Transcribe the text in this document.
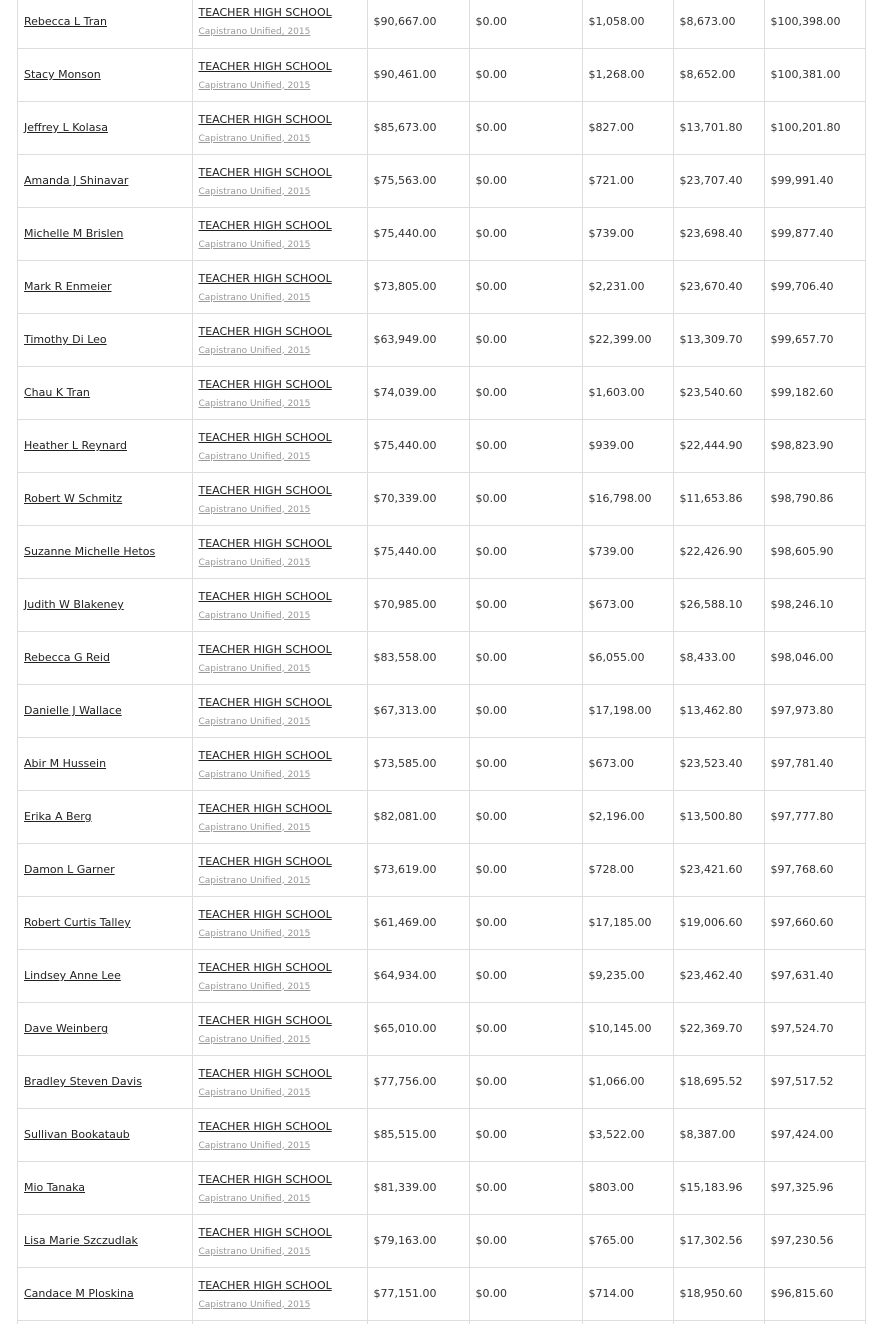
Rebecca L Tran	TEACHER HIGH SCHOOL
Capistrano Unified, 2015	$90,667.00	$0.00	$1,058.00	$8,673.00	$100,398.00
Stacy Monson	TEACHER HIGH SCHOOL
Capistrano Unified, 2015	$90,461.00	$0.00	$1,268.00	$8,652.00	$100,381.00
Jeffrey L Kolasa	TEACHER HIGH SCHOOL
Capistrano Unified, 2015	$85,673.00	$0.00	$827.00	$13,701.80	$100,201.80
Amanda J Shinavar	TEACHER HIGH SCHOOL
Capistrano Unified, 2015	$75,563.00	$0.00	$721.00	$23,707.40	$99,991.40
Michelle M Brislen	TEACHER HIGH SCHOOL
Capistrano Unified, 2015	$75,440.00	$0.00	$739.00	$23,698.40	$99,877.40
Mark R Enmeier	TEACHER HIGH SCHOOL
Capistrano Unified, 2015	$73,805.00	$0.00	$2,231.00	$23,670.40	$99,706.40
Timothy Di Leo	TEACHER HIGH SCHOOL
Capistrano Unified, 2015	$63,949.00	$0.00	$22,399.00	$13,309.70	$99,657.70
Chau K Tran	TEACHER HIGH SCHOOL
Capistrano Unified, 2015	$74,039.00	$0.00	$1,603.00	$23,540.60	$99,182.60
Heather L Reynard	TEACHER HIGH SCHOOL
Capistrano Unified, 2015	$75,440.00	$0.00	$939.00	$22,444.90	$98,823.90
Robert W Schmitz	TEACHER HIGH SCHOOL
Capistrano Unified, 2015	$70,339.00	$0.00	$16,798.00	$11,653.86	$98,790.86
Suzanne Michelle Hetos	TEACHER HIGH SCHOOL
Capistrano Unified, 2015	$75,440.00	$0.00	$739.00	$22,426.90	$98,605.90
Judith W Blakeney	TEACHER HIGH SCHOOL
Capistrano Unified, 2015	$70,985.00	$0.00	$673.00	$26,588.10	$98,246.10
Rebecca G Reid	TEACHER HIGH SCHOOL
Capistrano Unified, 2015	$83,558.00	$0.00	$6,055.00	$8,433.00	$98,046.00
Danielle J Wallace	TEACHER HIGH SCHOOL
Capistrano Unified, 2015	$67,313.00	$0.00	$17,198.00	$13,462.80	$97,973.80
Abir M Hussein	TEACHER HIGH SCHOOL
Capistrano Unified, 2015	$73,585.00	$0.00	$673.00	$23,523.40	$97,781.40
Erika A Berg	TEACHER HIGH SCHOOL
Capistrano Unified, 2015	$82,081.00	$0.00	$2,196.00	$13,500.80	$97,777.80
Damon L Garner	TEACHER HIGH SCHOOL
Capistrano Unified, 2015	$73,619.00	$0.00	$728.00	$23,421.60	$97,768.60
Robert Curtis Talley	TEACHER HIGH SCHOOL
Capistrano Unified, 2015	$61,469.00	$0.00	$17,185.00	$19,006.60	$97,660.60
Lindsey Anne Lee	TEACHER HIGH SCHOOL
Capistrano Unified, 2015	$64,934.00	$0.00	$9,235.00	$23,462.40	$97,631.40
Dave Weinberg	TEACHER HIGH SCHOOL
Capistrano Unified, 2015	$65,010.00	$0.00	$10,145.00	$22,369.70	$97,524.70
Bradley Steven Davis	TEACHER HIGH SCHOOL
Capistrano Unified, 2015	$77,756.00	$0.00	$1,066.00	$18,695.52	$97,517.52
Sullivan Bookataub	TEACHER HIGH SCHOOL
Capistrano Unified, 2015	$85,515.00	$0.00	$3,522.00	$8,387.00	$97,424.00
Mio Tanaka	TEACHER HIGH SCHOOL
Capistrano Unified, 2015	$81,339.00	$0.00	$803.00	$15,183.96	$97,325.96
Lisa Marie Szczudlak	TEACHER HIGH SCHOOL
Capistrano Unified, 2015	$79,163.00	$0.00	$765.00	$17,302.56	$97,230.56
Candace M Ploskina	TEACHER HIGH SCHOOL
Capistrano Unified, 2015	$77,151.00	$0.00	$714.00	$18,950.60	$96,815.60
